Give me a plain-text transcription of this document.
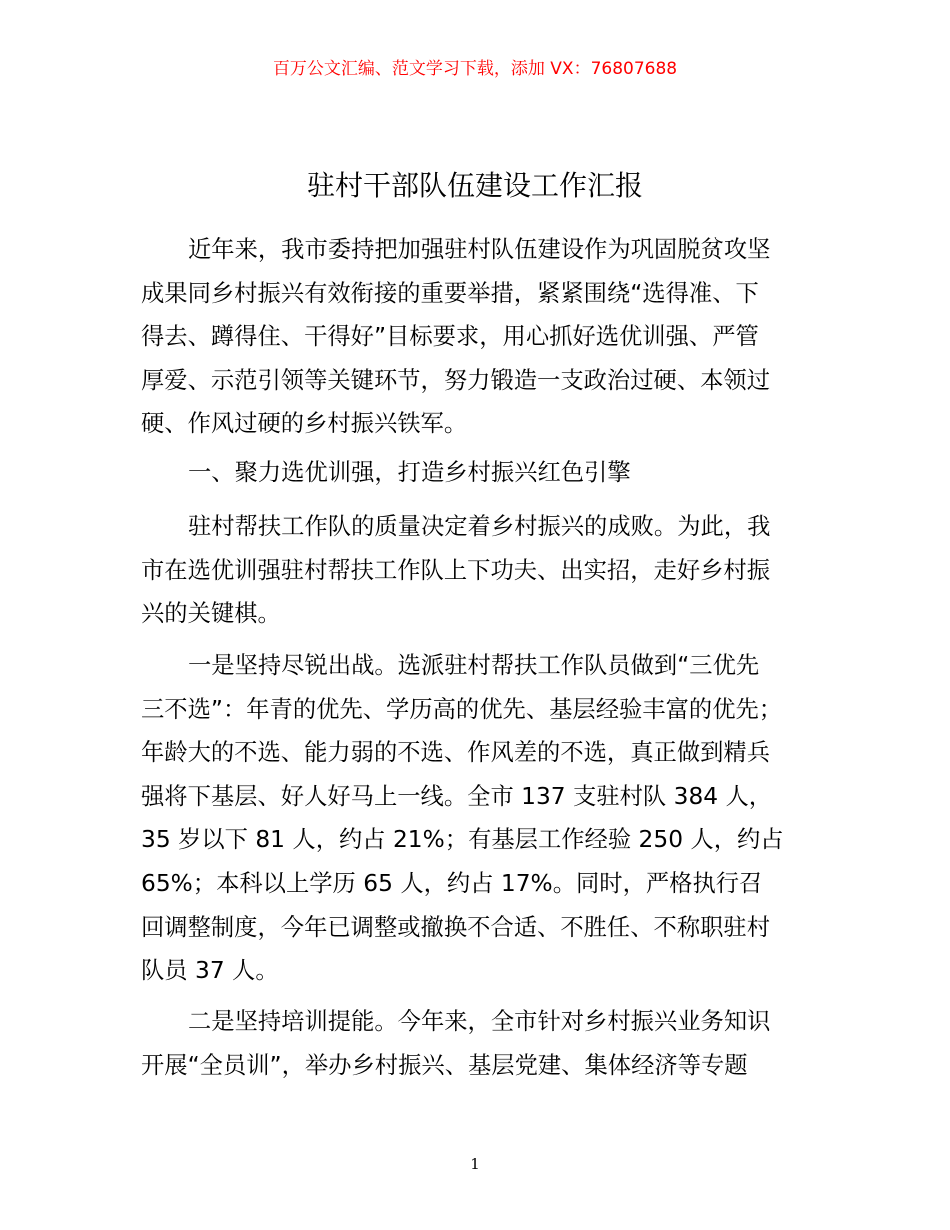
百万公文汇编、范文学习下载，添加 VX：76807688
驻村干部队伍建设工作汇报
近年来，我市委持把加强驻村队伍建设作为巩固脱贫攻坚
成果同乡村振兴有效衔接的重要举措，紧紧围绕“选得准、下
得去、蹲得住、干得好”目标要求，用心抓好选优训强、严管
厚爱、示范引领等关键环节，努力锻造一支政治过硬、本领过
硬、作风过硬的乡村振兴铁军。
一、聚力选优训强，打造乡村振兴红色引擎
驻村帮扶工作队的质量决定着乡村振兴的成败。为此，我
市在选优训强驻村帮扶工作队上下功夫、出实招，走好乡村振
兴的关键棋。
一是坚持尽锐出战。选派驻村帮扶工作队员做到“三优先
三不选”：年青的优先、学历高的优先、基层经验丰富的优先；
年龄大的不选、能力弱的不选、作风差的不选，真正做到精兵
强将下基层、好人好马上一线。全市 137 支驻村队 384 人，
35 岁以下 81 人，约占 21%；有基层工作经验 250 人，约占
65%；本科以上学历 65 人，约占 17%。同时，严格执行召
回调整制度，今年已调整或撤换不合适、不胜任、不称职驻村
队员 37 人。
二是坚持培训提能。今年来，全市针对乡村振兴业务知识
开展“全员训”，举办乡村振兴、基层党建、集体经济等专题
1
